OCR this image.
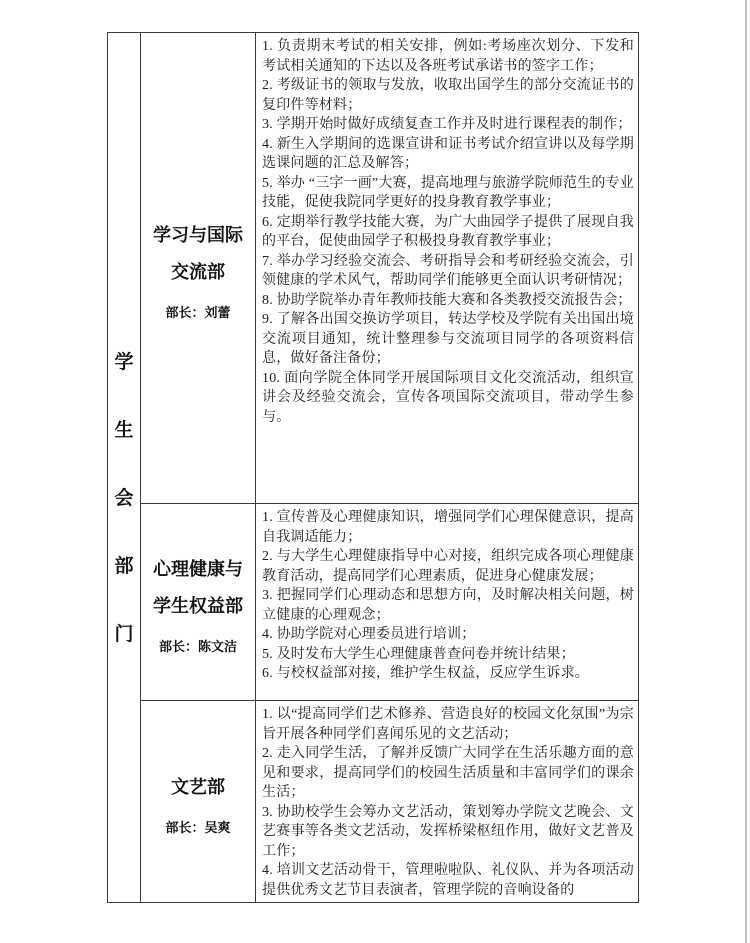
学
生
会
部
门
学习与国际
交流部
部长：刘蕾

1. 负责期末考试的相关安排，例如:考场座次划分、下发和考试相关通知的下达以及各班考试承诺书的签字工作；

2. 考级证书的领取与发放，收取出国学生的部分交流证书的复印件等材料；

3. 学期开始时做好成绩复查工作并及时进行课程表的制作；

4. 新生入学期间的选课宣讲和证书考试介绍宣讲以及每学期选课问题的汇总及解答；

5. 举办 “三字一画”大赛，提高地理与旅游学院师范生的专业技能，促使我院同学更好的投身教育教学事业；

6. 定期举行教学技能大赛，为广大曲园学子提供了展现自我的平台，促使曲园学子积极投身教育教学事业；

7. 举办学习经验交流会、考研指导会和考研经验交流会，引领健康的学术风气，帮助同学们能够更全面认识考研情况；

8. 协助学院举办青年教师技能大赛和各类教授交流报告会；

9. 了解各出国交换访学项目，转达学校及学院有关出国出境交流项目通知，统计整理参与交流项目同学的各项资料信息，做好备注备份；

10. 面向学院全体同学开展国际项目文化交流活动，组织宣讲会及经验交流会，宣传各项国际交流项目，带动学生参与。

心理健康与
学生权益部
部长：陈文洁

1. 宣传普及心理健康知识，增强同学们心理保健意识，提高自我调适能力；

2. 与大学生心理健康指导中心对接，组织完成各项心理健康教育活动，提高同学们心理素质，促进身心健康发展；

3. 把握同学们心理动态和思想方向，及时解决相关问题，树立健康的心理观念；

4. 协助学院对心理委员进行培训；

5. 及时发布大学生心理健康普查问卷并统计结果；

6. 与校权益部对接，维护学生权益，反应学生诉求。

文艺部
部长：吴爽

1. 以“提高同学们艺术修养、营造良好的校园文化氛围”为宗旨开展各种同学们喜闻乐见的文艺活动；

2. 走入同学生活，了解并反馈广大同学在生活乐趣方面的意见和要求，提高同学们的校园生活质量和丰富同学们的课余生活；

3. 协助校学生会筹办文艺活动，策划筹办学院文艺晚会、文艺赛事等各类文艺活动，发挥桥梁枢纽作用，做好文艺普及工作；

4. 培训文艺活动骨干，管理啦啦队、礼仪队、并为各项活动提供优秀文艺节目表演者，管理学院的音响设备的
